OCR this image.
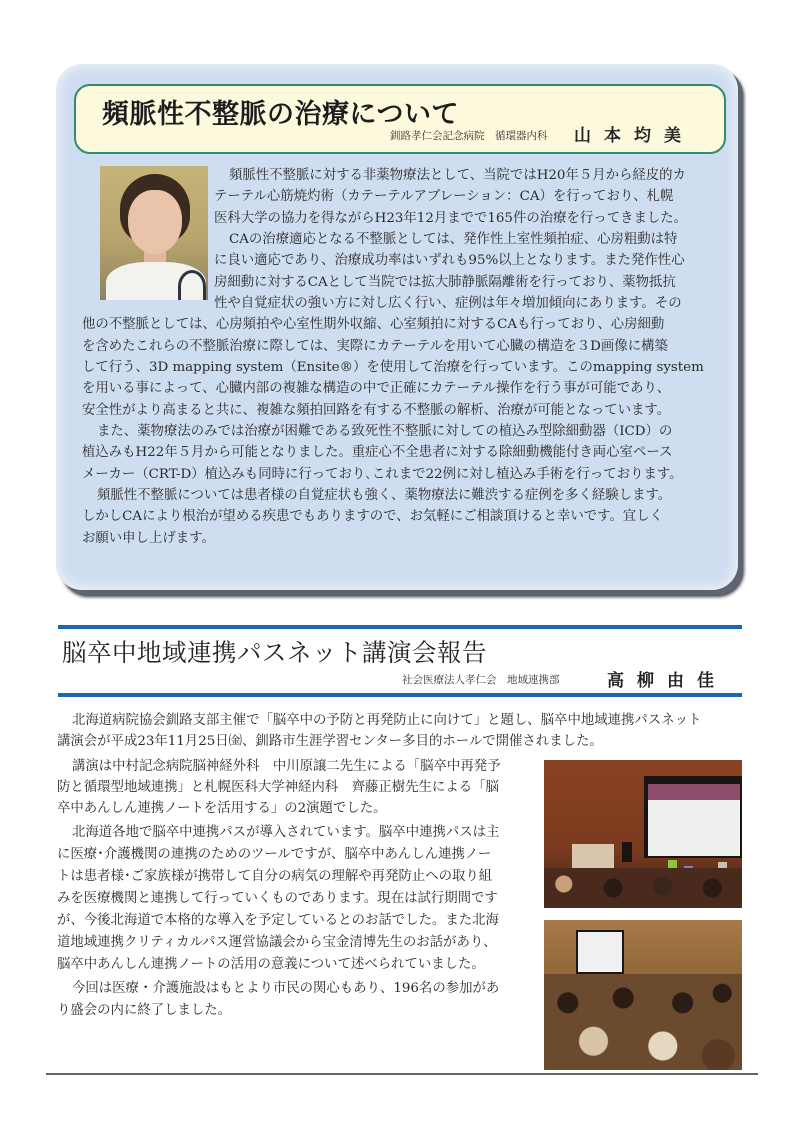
頻脈性不整脈の治療について
釧路孝仁会記念病院　循環器内科 山本均美
頻脈性不整脈に対する非薬物療法として、当院ではH20年５月から経皮的カ
テーテル心筋焼灼術（カテーテルアブレーション：CA）を行っており、札幌
医科大学の協力を得ながらH23年12月までで165件の治療を行ってきました。
CAの治療適応となる不整脈としては、発作性上室性頻拍症、心房粗動は特
に良い適応であり、治療成功率はいずれも95%以上となります。また発作性心
房細動に対するCAとして当院では拡大肺静脈隔離術を行っており、薬物抵抗
性や自覚症状の強い方に対し広く行い、症例は年々増加傾向にあります。その
他の不整脈としては、心房頻拍や心室性期外収縮、心室頻拍に対するCAも行っており、心房細動
を含めたこれらの不整脈治療に際しては、実際にカテーテルを用いて心臓の構造を３D画像に構築
して行う、3D mapping system（Ensite®）を使用して治療を行っています。このmapping system
を用いる事によって、心臓内部の複雑な構造の中で正確にカテーテル操作を行う事が可能であり、
安全性がより高まると共に、複雑な頻拍回路を有する不整脈の解析、治療が可能となっています。
また、薬物療法のみでは治療が困難である致死性不整脈に対しての植込み型除細動器（ICD）の
植込みもH22年５月から可能となりました。重症心不全患者に対する除細動機能付き両心室ペース
メーカー（CRT-D）植込みも同時に行っており､これまで22例に対し植込み手術を行っております。
頻脈性不整脈については患者様の自覚症状も強く、薬物療法に難渋する症例を多く経験します。
しかしCAにより根治が望める疾患でもありますので、お気軽にご相談頂けると幸いです。宜しく
お願い申し上げます。
脳卒中地域連携パスネット講演会報告
社会医療法人孝仁会　地域連携部	高柳由佳
北海道病院協会釧路支部主催で「脳卒中の予防と再発防止に向けて」と題し、脳卒中地域連携パスネット
講演会が平成23年11月25日㈮、釧路市生涯学習センター多目的ホールで開催されました。
講演は中村記念病院脳神経外科　中川原譲二先生による「脳卒中再発予
防と循環型地域連携」と札幌医科大学神経内科　齊藤正樹先生による「脳
卒中あんしん連携ノートを活用する」の2演題でした。
北海道各地で脳卒中連携パスが導入されています。脳卒中連携パスは主
に医療･介護機関の連携のためのツールですが、脳卒中あんしん連携ノー
トは患者様･ご家族様が携帯して自分の病気の理解や再発防止への取り組
みを医療機関と連携して行っていくものであります。現在は試行期間です
が、今後北海道で本格的な導入を予定しているとのお話でした。また北海
道地域連携クリティカルパス運営協議会から宝金清博先生のお話があり、
脳卒中あんしん連携ノートの活用の意義について述べられていました。
今回は医療・介護施設はもとより市民の関心もあり、196名の参加があ
り盛会の内に終了しました。
